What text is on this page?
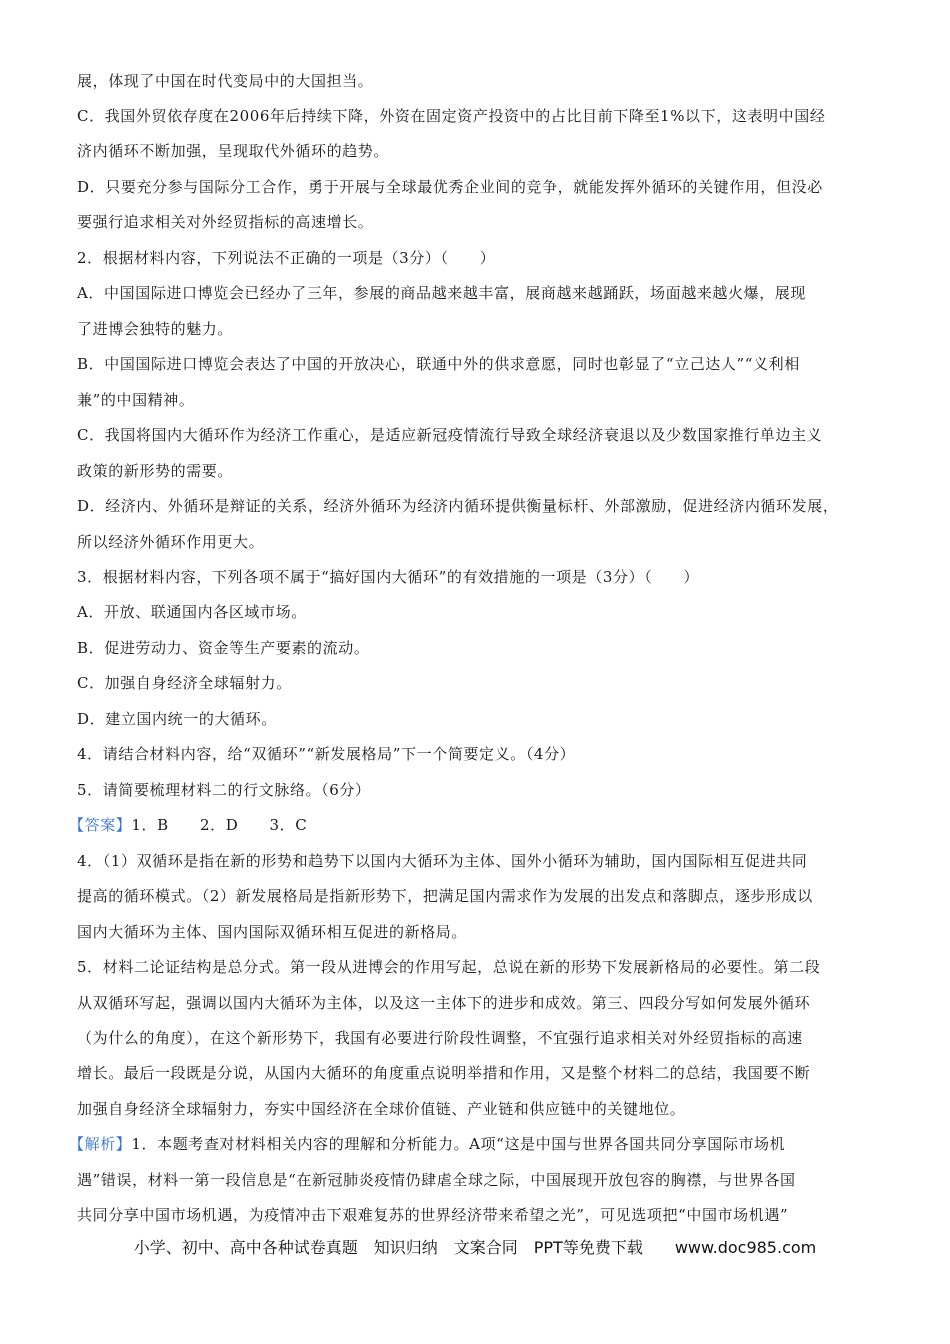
展，体现了中国在时代变局中的大国担当。
C．我国外贸依存度在2006年后持续下降，外资在固定资产投资中的占比目前下降至1%以下，这表明中国经
济内循环不断加强，呈现取代外循环的趋势。
D．只要充分参与国际分工合作，勇于开展与全球最优秀企业间的竞争，就能发挥外循环的关键作用，但没必
要强行追求相关对外经贸指标的高速增长。
2．根据材料内容，下列说法不正确的一项是（3分）（　　）
A．中国国际进口博览会已经办了三年，参展的商品越来越丰富，展商越来越踊跃，场面越来越火爆，展现
了进博会独特的魅力。
B．中国国际进口博览会表达了中国的开放决心，联通中外的供求意愿，同时也彰显了“立己达人”“义利相
兼”的中国精神。
C．我国将国内大循环作为经济工作重心，是适应新冠疫情流行导致全球经济衰退以及少数国家推行单边主义
政策的新形势的需要。
D．经济内、外循环是辩证的关系，经济外循环为经济内循环提供衡量标杆、外部激励，促进经济内循环发展，
所以经济外循环作用更大。
3．根据材料内容，下列各项不属于“搞好国内大循环”的有效措施的一项是（3分）（　　）
A．开放、联通国内各区域市场。
B．促进劳动力、资金等生产要素的流动。
C．加强自身经济全球辐射力。
D．建立国内统一的大循环。
4．请结合材料内容，给“双循环”“新发展格局”下一个简要定义。（4分）
5．请简要梳理材料二的行文脉络。（6分）
【答案】1．B　　2．D　　3．C
4．（1）双循环是指在新的形势和趋势下以国内大循环为主体、国外小循环为辅助，国内国际相互促进共同
提高的循环模式。（2）新发展格局是指新形势下，把满足国内需求作为发展的出发点和落脚点，逐步形成以
国内大循环为主体、国内国际双循环相互促进的新格局。
5．材料二论证结构是总分式。第一段从进博会的作用写起，总说在新的形势下发展新格局的必要性。第二段
从双循环写起，强调以国内大循环为主体，以及这一主体下的进步和成效。第三、四段分写如何发展外循环
（为什么的角度），在这个新形势下，我国有必要进行阶段性调整，不宜强行追求相关对外经贸指标的高速
增长。最后一段既是分说，从国内大循环的角度重点说明举措和作用，又是整个材料二的总结，我国要不断
加强自身经济全球辐射力，夯实中国经济在全球价值链、产业链和供应链中的关键地位。
【解析】1．本题考查对材料相关内容的理解和分析能力。A项“这是中国与世界各国共同分享国际市场机
遇”错误，材料一第一段信息是“在新冠肺炎疫情仍肆虐全球之际，中国展现开放包容的胸襟，与世界各国
共同分享中国市场机遇，为疫情冲击下艰难复苏的世界经济带来希望之光”，可见选项把“中国市场机遇”
小学、初中、高中各种试卷真题　知识归纳　文案合同　PPT等免费下载　　www.doc985.com
